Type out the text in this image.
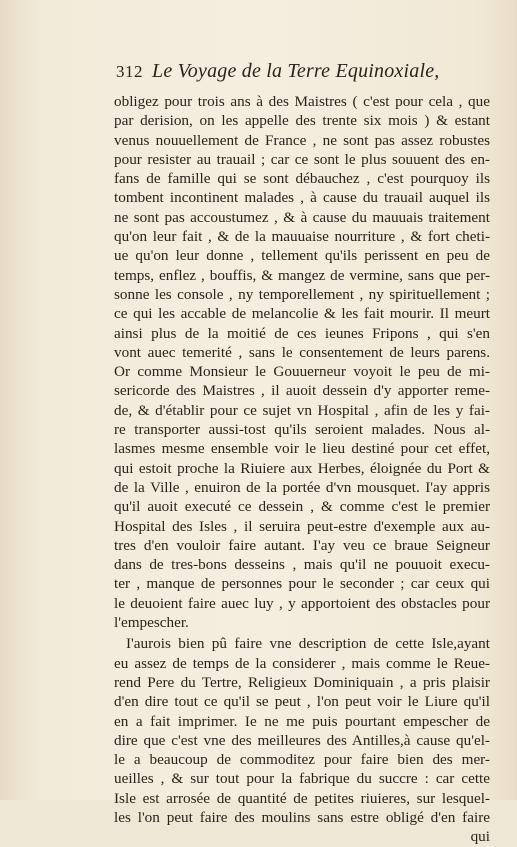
312 Le Voyage de la Terre Equinoxiale,
obligez pour trois ans à des Maistres ( c'est pour cela , que
par derision, on les appelle des trente six mois ) & estant
venus nouuellement de France , ne sont pas assez robustes
pour resister au trauail ; car ce sont le plus souuent des en-
fans de famille qui se sont débauchez , c'est pourquoy ils
tombent incontinent malades , à cause du trauail auquel ils
ne sont pas accoustumez , & à cause du mauuais traitement
qu'on leur fait , & de la mauuaise nourriture , & fort cheti-
ue qu'on leur donne , tellement qu'ils perissent en peu de
temps, enflez , bouffis, & mangez de vermine, sans que per-
sonne les console , ny temporellement , ny spirituellement ;
ce qui les accable de melancolie & les fait mourir. Il meurt
ainsi plus de la moitié de ces ieunes Fripons , qui s'en
vont auec temerité , sans le consentement de leurs parens.
Or comme Monsieur le Gouuerneur voyoit le peu de mi-
sericorde des Maistres , il auoit dessein d'y apporter reme-
de, & d'établir pour ce sujet vn Hospital , afin de les y fai-
re transporter aussi-tost qu'ils seroient malades. Nous al-
lasmes mesme ensemble voir le lieu destiné pour cet effet,
qui estoit proche la Riuiere aux Herbes, éloignée du Port &
de la Ville , enuiron de la portée d'vn mousquet. I'ay appris
qu'il auoit executé ce dessein , & comme c'est le premier
Hospital des Isles , il seruira peut-estre d'exemple aux au-
tres d'en vouloir faire autant. I'ay veu ce braue Seigneur
dans de tres-bons desseins , mais qu'il ne pouuoit execu-
ter , manque de personnes pour le seconder ; car ceux qui
le deuoient faire auec luy , y apportoient des obstacles pour
l'empescher.
I'aurois bien pû faire vne description de cette Isle,ayant
eu assez de temps de la considerer , mais comme le Reue-
rend Pere du Tertre, Religieux Dominiquain , a pris plaisir
d'en dire tout ce qu'il se peut , l'on peut voir le Liure qu'il
en a fait imprimer. Ie ne me puis pourtant empescher de
dire que c'est vne des meilleures des Antilles,à cause qu'el-
le a beaucoup de commoditez pour faire bien des mer-
ueilles , & sur tout pour la fabrique du succre : car cette
Isle est arrosée de quantité de petites riuieres, sur lesquel-
les l'on peut faire des moulins sans estre obligé d'en faire
qui
